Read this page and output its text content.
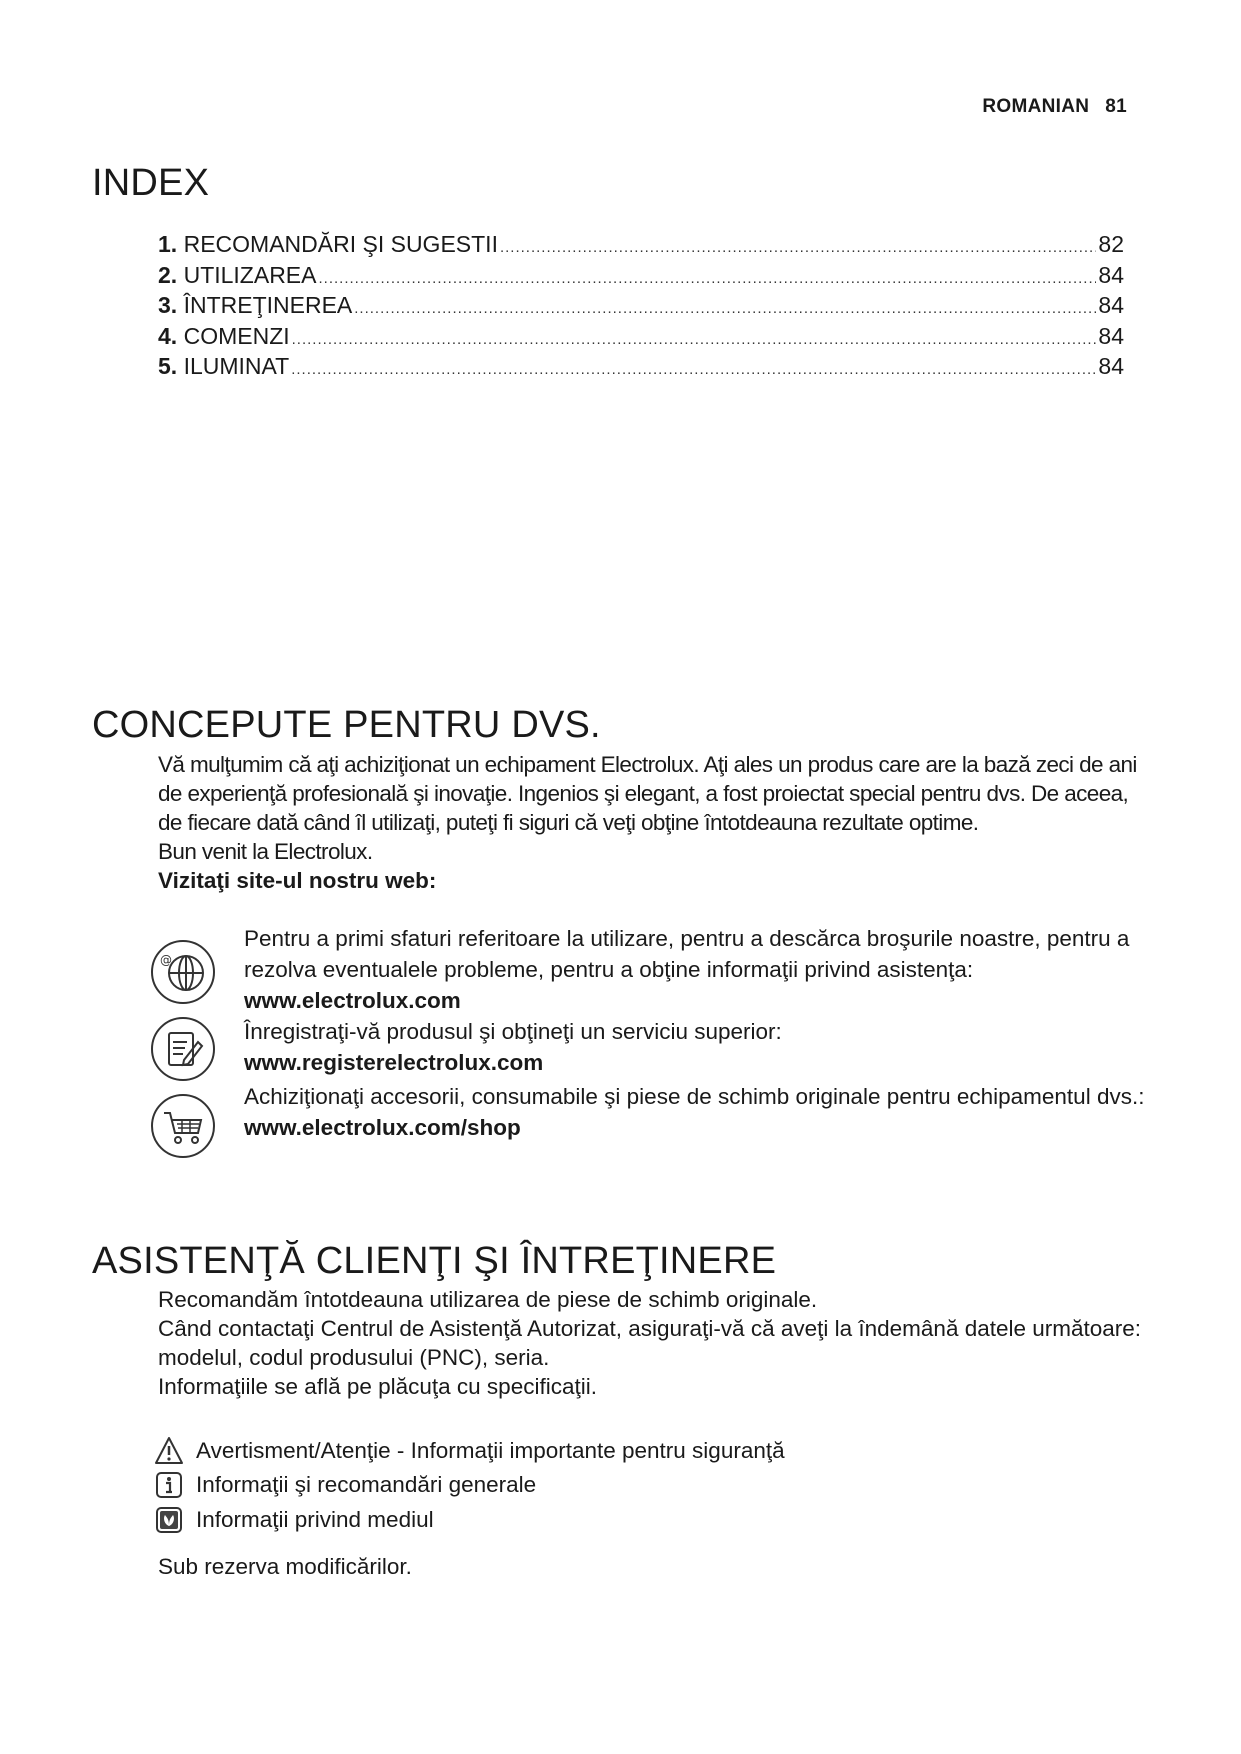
ROMANIAN 81
INDEX
1.
RECOMANDĂRI ŞI SUGESTII .....	82
2.
UTILIZAREA .....	84
3.
ÎNTREŢINEREA .....	84
4.
COMENZI .....	84
5.
ILUMINAT .....	84
CONCEPUTE PENTRU DVS.

Vă mulţumim că aţi achiziţionat un echipament Electrolux. Aţi ales un produs care are la bază zeci de ani de experienţă profesională şi inovaţie. Ingenios şi elegant, a fost proiectat special pentru dvs. De aceea, de fiecare dată când îl utilizaţi, puteţi fi siguri că veţi obţine întotdeauna rezultate optime.

Bun venit la Electrolux.

Vizitaţi site-ul nostru web:

@
Pentru a primi sfaturi referitoare la utilizare, pentru a descărca broşurile noastre, pentru a rezolva eventualele probleme, pentru a obţine informaţii privind asistenţa:
www.electrolux.com
Înregistraţi-vă produsul şi obţineţi un serviciu superior:
www.registerelectrolux.com
Achiziţionaţi accesorii, consumabile şi piese de schimb originale pentru echipamentul dvs.:
www.electrolux.com/shop
ASISTENŢĂ CLIENŢI ŞI ÎNTREŢINERE

Recomandăm întotdeauna utilizarea de piese de schimb originale.

Când contactaţi Centrul de Asistenţă Autorizat, asiguraţi-vă că aveţi la îndemână datele următoare: modelul, codul produsului (PNC), seria.

Informaţiile se află pe plăcuţa cu specificaţii.

Avertisment/Atenţie - Informaţii importante pentru siguranţă
Informaţii şi recomandări generale
Informaţii privind mediul
Sub rezerva modificărilor.
